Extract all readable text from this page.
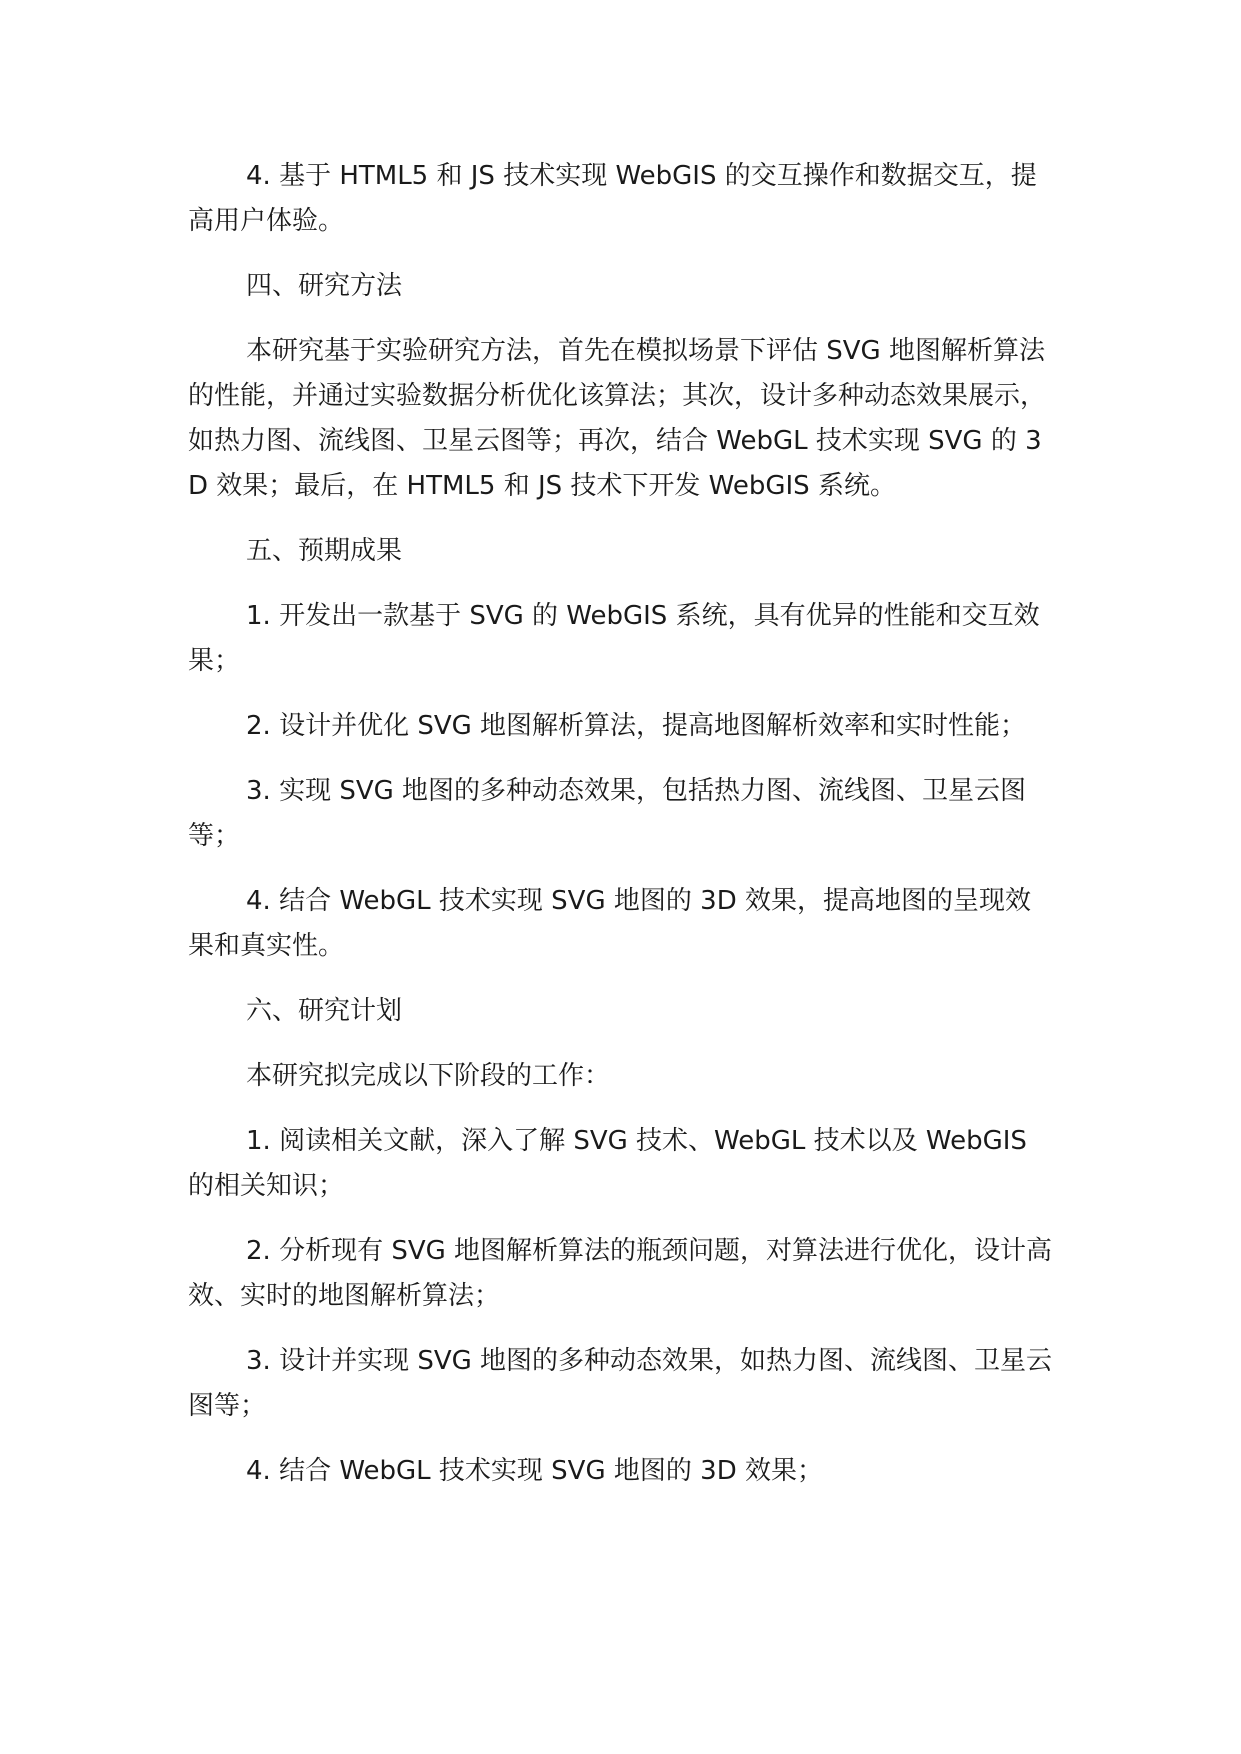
4. 基于 HTML5 和 JS 技术实现 WebGIS 的交互操作和数据交互，提高用户体验。

四、研究方法

本研究基于实验研究方法，首先在模拟场景下评估 SVG 地图解析算法的性能，并通过实验数据分析优化该算法；其次，设计多种动态效果展示，如热力图、流线图、卫星云图等；再次，结合 WebGL 技术实现 SVG 的 3D 效果；最后，在 HTML5 和 JS 技术下开发 WebGIS 系统。

五、预期成果

1. 开发出一款基于 SVG 的 WebGIS 系统，具有优异的性能和交互效果；

2. 设计并优化 SVG 地图解析算法，提高地图解析效率和实时性能；

3. 实现 SVG 地图的多种动态效果，包括热力图、流线图、卫星云图等；

4. 结合 WebGL 技术实现 SVG 地图的 3D 效果，提高地图的呈现效果和真实性。

六、研究计划

本研究拟完成以下阶段的工作：

1. 阅读相关文献，深入了解 SVG 技术、WebGL 技术以及 WebGIS 的相关知识；

2. 分析现有 SVG 地图解析算法的瓶颈问题，对算法进行优化，设计高效、实时的地图解析算法；

3. 设计并实现 SVG 地图的多种动态效果，如热力图、流线图、卫星云图等；

4. 结合 WebGL 技术实现 SVG 地图的 3D 效果；
